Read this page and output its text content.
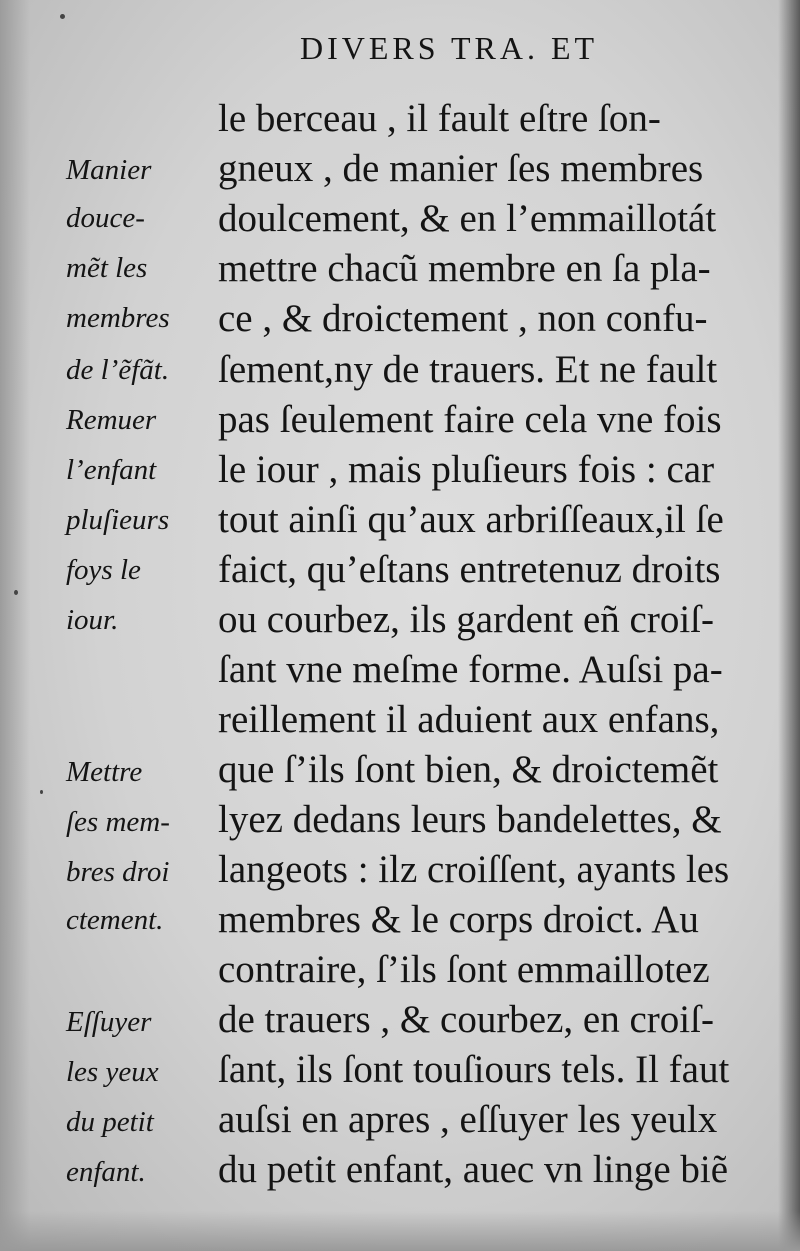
DIVERS TRA. ET
le berceau , il fault eſtre ſon-
gneux , de manier ſes membres
doulcement, & en l’emmaillotát
mettre chacũ membre en ſa pla-
ce , & droictement , non confu-
ſement,ny de trauers. Et ne fault
pas ſeulement faire cela vne fois
le iour , mais pluſieurs fois : car
tout ainſi qu’aux arbriſſeaux,il ſe
faict, qu’eſtans entretenuz droits
ou courbez, ils gardent eñ croiſ-
ſant vne meſme forme. Auſsi pa-
reillement il aduient aux enfans,
que ſ’ils ſont bien, & droictemẽt
lyez dedans leurs bandelettes, &
langeots : ilz croiſſent, ayants les
membres & le corps droict. Au
contraire, ſ’ils ſont emmaillotez
de trauers , & courbez, en croiſ-
ſant, ils ſont touſiours tels. Il faut
auſsi en apres , eſſuyer les yeulx
du petit enfant, auec vn linge biẽ
Manier
douce-
mẽt les
membres
de l’ẽfãt.
Remuer
l’enfant
pluſieurs
foys le
iour.
Mettre
ſes mem-
bres droi
ctement.
Eſſuyer
les yeux
du petit
enfant.
